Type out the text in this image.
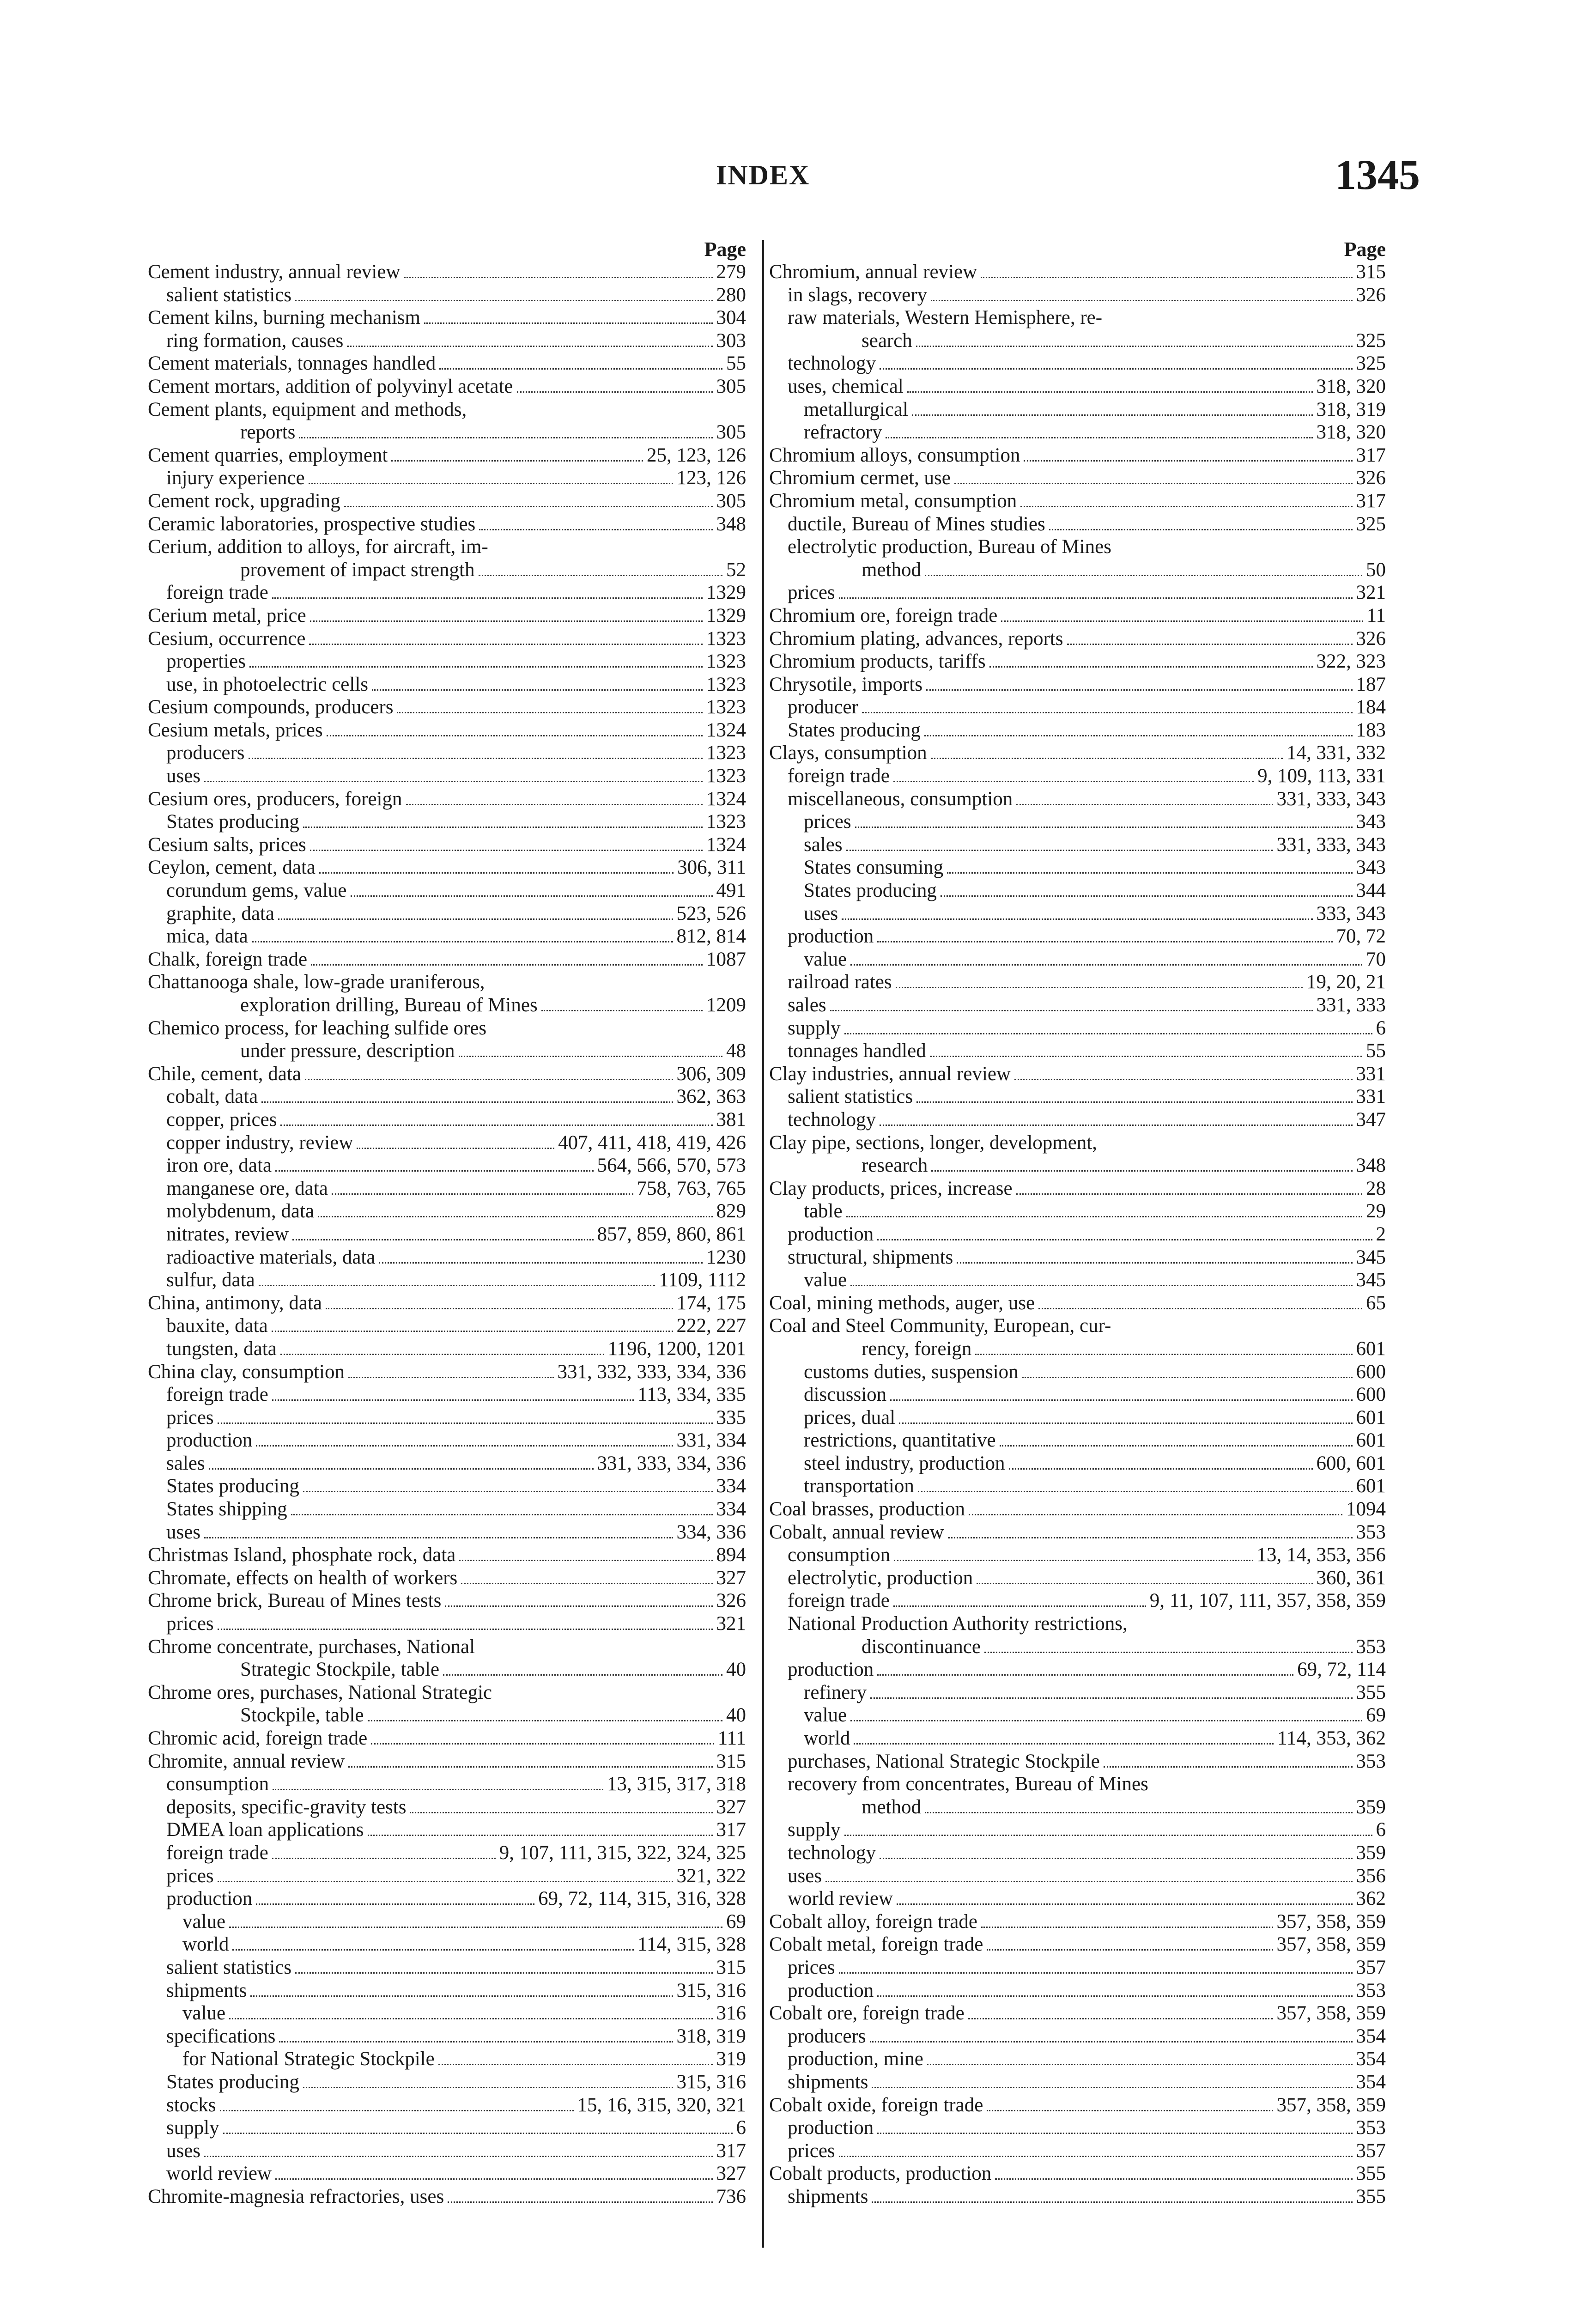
INDEX	1345
Page
Cement industry, annual review	279
salient statistics	280
Cement kilns, burning mechanism	304
ring formation, causes	303
Cement materials, tonnages handled	55
Cement mortars, addition of polyvinyl acetate	305
Cement plants, equipment and methods,
reports	305
Cement quarries, employment	25, 123, 126
injury experience	123, 126
Cement rock, upgrading	305
Ceramic laboratories, prospective studies	348
Cerium, addition to alloys, for aircraft, im-
provement of impact strength	52
foreign trade	1329
Cerium metal, price	1329
Cesium, occurrence	1323
properties	1323
use, in photoelectric cells	1323
Cesium compounds, producers	1323
Cesium metals, prices	1324
producers	1323
uses	1323
Cesium ores, producers, foreign	1324
States producing	1323
Cesium salts, prices	1324
Ceylon, cement, data	306, 311
corundum gems, value	491
graphite, data	523, 526
mica, data	812, 814
Chalk, foreign trade	1087
Chattanooga shale, low-grade uraniferous,
exploration drilling, Bureau of Mines	1209
Chemico process, for leaching sulfide ores
under pressure, description	48
Chile, cement, data	306, 309
cobalt, data	362, 363
copper, prices	381
copper industry, review	407, 411, 418, 419, 426
iron ore, data	564, 566, 570, 573
manganese ore, data	758, 763, 765
molybdenum, data	829
nitrates, review	857, 859, 860, 861
radioactive materials, data	1230
sulfur, data	1109, 1112
China, antimony, data	174, 175
bauxite, data	222, 227
tungsten, data	1196, 1200, 1201
China clay, consumption	331, 332, 333, 334, 336
foreign trade	113, 334, 335
prices	335
production	331, 334
sales	331, 333, 334, 336
States producing	334
States shipping	334
uses	334, 336
Christmas Island, phosphate rock, data	894
Chromate, effects on health of workers	327
Chrome brick, Bureau of Mines tests	326
prices	321
Chrome concentrate, purchases, National
Strategic Stockpile, table	40
Chrome ores, purchases, National Strategic
Stockpile, table	40
Chromic acid, foreign trade	111
Chromite, annual review	315
consumption	13, 315, 317, 318
deposits, specific-gravity tests	327
DMEA loan applications	317
foreign trade	9, 107, 111, 315, 322, 324, 325
prices	321, 322
production	69, 72, 114, 315, 316, 328
value	69
world	114, 315, 328
salient statistics	315
shipments	315, 316
value	316
specifications	318, 319
for National Strategic Stockpile	319
States producing	315, 316
stocks	15, 16, 315, 320, 321
supply	6
uses	317
world review	327
Chromite-magnesia refractories, uses	736
Page
Chromium, annual review	315
in slags, recovery	326
raw materials, Western Hemisphere, re-
search	325
technology	325
uses, chemical	318, 320
metallurgical	318, 319
refractory	318, 320
Chromium alloys, consumption	317
Chromium cermet, use	326
Chromium metal, consumption	317
ductile, Bureau of Mines studies	325
electrolytic production, Bureau of Mines
method	50
prices	321
Chromium ore, foreign trade	11
Chromium plating, advances, reports	326
Chromium products, tariffs	322, 323
Chrysotile, imports	187
producer	184
States producing	183
Clays, consumption	14, 331, 332
foreign trade	9, 109, 113, 331
miscellaneous, consumption	331, 333, 343
prices	343
sales	331, 333, 343
States consuming	343
States producing	344
uses	333, 343
production	70, 72
value	70
railroad rates	19, 20, 21
sales	331, 333
supply	6
tonnages handled	55
Clay industries, annual review	331
salient statistics	331
technology	347
Clay pipe, sections, longer, development,
research	348
Clay products, prices, increase	28
table	29
production	2
structural, shipments	345
value	345
Coal, mining methods, auger, use	65
Coal and Steel Community, European, cur-
rency, foreign	601
customs duties, suspension	600
discussion	600
prices, dual	601
restrictions, quantitative	601
steel industry, production	600, 601
transportation	601
Coal brasses, production	1094
Cobalt, annual review	353
consumption	13, 14, 353, 356
electrolytic, production	360, 361
foreign trade	9, 11, 107, 111, 357, 358, 359
National Production Authority restrictions,
discontinuance	353
production	69, 72, 114
refinery	355
value	69
world	114, 353, 362
purchases, National Strategic Stockpile	353
recovery from concentrates, Bureau of Mines
method	359
supply	6
technology	359
uses	356
world review	362
Cobalt alloy, foreign trade	357, 358, 359
Cobalt metal, foreign trade	357, 358, 359
prices	357
production	353
Cobalt ore, foreign trade	357, 358, 359
producers	354
production, mine	354
shipments	354
Cobalt oxide, foreign trade	357, 358, 359
production	353
prices	357
Cobalt products, production	355
shipments	355
